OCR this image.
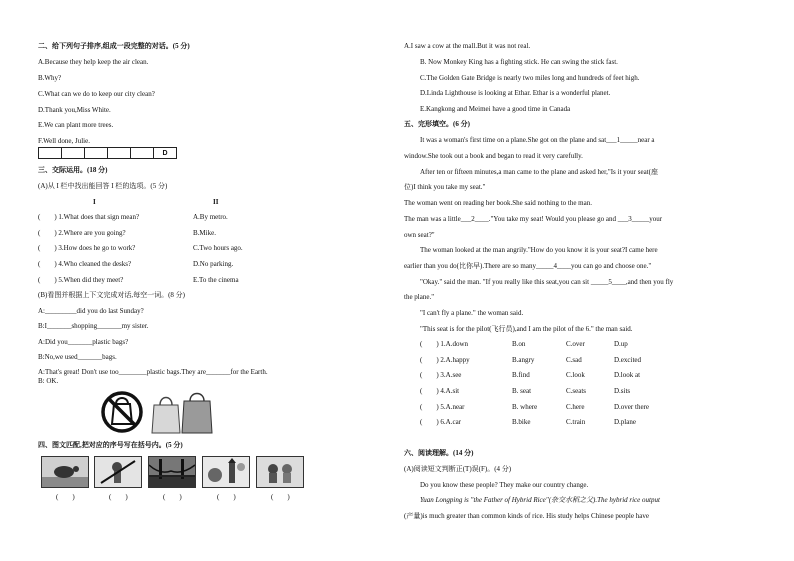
二、给下列句子排序,组成一段完整的对话。(5 分)
A.Because they help keep the air clean.
B.Why?
C.What can we do to keep our city clean?
D.Thank you,Miss White.
E.We can plant more trees.
F.Well done, Julie.
					D
三、交际运用。(18 分)
(A)从 I 栏中找出能回答 I 栏的选项。(5 分)
I	II
(　　) 1.What does that sign mean?	A.By metro.
(　　) 2.Where are you going?	B.Mike.
(　　) 3.How does he go to work?	C.Two hours ago.
(　　) 4.Who cleaned the desks?	D.No parking.
(　　) 5.When did they meet?	E.To the cinema
(B)看图并根据上下文完成对话,每空一词。(8 分)
A:_________did you do last Sunday?
B:I_______shopping_______my sister.
A:Did you_______plastic bags?
B:No,we used_______bags.
A:That's great! Don't use too________plastic bags.They are_______for the Earth.
B: OK.
四、图文匹配,把对应的序号写在括号内。(5 分)
(　　)	(　　)	(　　)	(　　)	(　　)
A.I saw a cow at the mall.But it was not real.
B. Now Monkey King has a fighting stick. He can swing the stick fast.
C.The Golden Gate Bridge is nearly two miles long and hundreds of feet high.
D.Linda Lighthouse is looking at Ethar. Ethar is a wonderful planet.
E.Kangkong and Meimei have a good time in Canada
五、完形填空。(6 分)
It was a woman's first time on a plane.She got on the plane and sat___1_____near a
window.She took out a book and began to read it very carefully.
After ten or fifteen minutes,a man came to the plane and asked her,"Is it your seat(座
位)I think you take my seat."
The woman went on reading her book.She said nothing to the man.
The man was a little___2____."You take my seat! Would you please go and ___3_____your
own seat?"
The woman looked at the man angrily."How do you know it is your seat?I came here
earlier than you do(比你早).There are so many_____4____you can go and choose one."
"Okay." said the man. "If you really like this seat,you can sit _____5____,and then you fly
the plane."
"I can't fly a plane." the woman said.
"This seat is for the pilot(飞行员),and I am the pilot of the 6." the man said.
(　　) 1.A.down	B.on	C.over	D.up
(　　) 2.A.happy	B.angry	C.sad	D.excited
(　　) 3.A.see	B.find	C.look	D.look at
(　　) 4.A.sit	B. seat	C.seats	D.sits
(　　) 5.A.near	B. where	C.here	D.over there
(　　) 6.A.car	B.bike	C.train	D.plane
六、阅读理解。(14 分)
(A)阅读短文判断正(T)误(F)。(4 分)
Do you know these people? They make our country change.
Yuan Longping is "the Father of Hybrid Rice"(杂交水稻之父).The hybrid rice output
(产量)is much greater than common kinds of rice. His study helps Chinese people have
